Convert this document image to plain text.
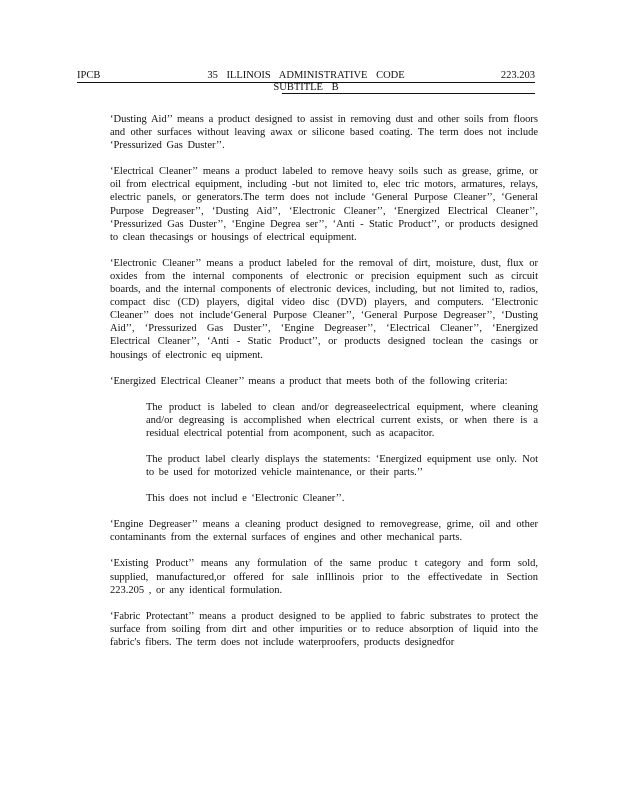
IPCB	35 ILLINOIS ADMINISTRATIVE CODE	223.203
SUBTITLE B

‘Dusting Aid’’ means a product designed to assist in removing dust and other soils from floors and other surfaces without leaving awax or silicone based coating. The term does not include ‘Pressurized Gas Duster’’.

‘Electrical Cleaner’’ means a product labeled to remove heavy soils such as grease, grime, or oil from electrical equipment, including -but not limited to, elec tric motors, armatures, relays, electric panels, or generators.The term does not include ‘General Purpose Cleaner’’, ‘General Purpose Degreaser’’, ‘Dusting Aid’’, ‘Electronic Cleaner’’, ‘Energized Electrical Cleaner’’, ‘Pressurized Gas Duster’’, ‘Engine Degrea ser’’, ‘Anti - Static Product’’, or products designed to clean thecasings or housings of electrical equipment.

‘Electronic Cleaner’’ means a product labeled for the removal of dirt, moisture, dust, flux or oxides from the internal components of electronic or precision equipment such as circuit boards, and the internal components of electronic devices, including, but not limited to, radios, compact disc (CD) players, digital video disc (DVD) players, and computers. ‘Electronic Cleaner’’ does not include‘General Purpose Cleaner’’, ‘General Purpose Degreaser’’, ‘Dusting Aid’’, ‘Pressurized Gas Duster’’, ‘Engine Degreaser’’, ‘Electrical Cleaner’’, ‘Energized Electrical Cleaner’’, ‘Anti - Static Product’’, or products designed toclean the casings or housings of electronic eq uipment.

‘Energized Electrical Cleaner’’ means a product that meets both of the following criteria:

The product is labeled to clean and/or degreaseelectrical equipment, where cleaning and/or degreasing is accomplished when electrical current exists, or when there is a residual electrical potential from acomponent, such as acapacitor.

The product label clearly displays the statements: ‘Energized equipment use only. Not to be used for motorized vehicle maintenance, or their parts.’’

This does not includ e ‘Electronic Cleaner’’.

‘Engine Degreaser’’ means a cleaning product designed to removegrease, grime, oil and other contaminants from the external surfaces of engines and other mechanical parts.

‘Existing Product’’ means any formulation of the same produc t category and form sold, supplied, manufactured,or offered for sale inIllinois prior to the effectivedate in Section 223.205 , or any identical formulation.

‘Fabric Protectant’’ means a product designed to be applied to fabric substrates to protect the surface from soiling from dirt and other impurities or to reduce absorption of liquid into the fabric's fibers. The term does not include waterproofers, products designedfor
